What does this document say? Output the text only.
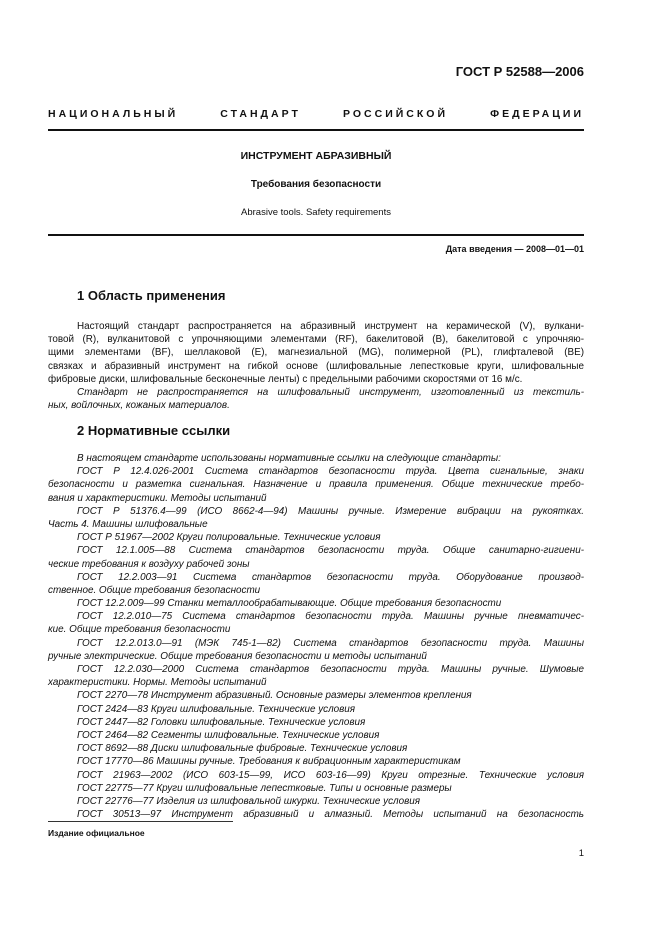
ГОСТ Р 52588—2006
НАЦИОНАЛЬНЫЙ СТАНДАРТ РОССИЙСКОЙ ФЕДЕРАЦИИ
ИНСТРУМЕНТ АБРАЗИВНЫЙ
Требования безопасности
Abrasive tools. Safety requirements
Дата введения — 2008—01—01
1 Область применения
Настоящий стандарт распространяется на абразивный инструмент на керамической (V), вулкани-
товой (R), вулканитовой с упрочняющими элементами (RF), бакелитовой (B), бакелитовой с упрочняю-
щими элементами (BF), шеллаковой (E), магнезиальной (MG), полимерной (PL), глифталевой (BE)
связках и абразивный инструмент на гибкой основе (шлифовальные лепестковые круги, шлифовальные
фибровые диски, шлифовальные бесконечные ленты) с предельными рабочими скоростями от 16 м/с.
Стандарт не распространяется на шлифовальный инструмент, изготовленный из текстиль-
ных, войлочных, кожаных материалов.
2 Нормативные ссылки
В настоящем стандарте использованы нормативные ссылки на следующие стандарты:
ГОСТ Р 12.4.026-2001 Система стандартов безопасности труда. Цвета сигнальные, знаки
безопасности и разметка сигнальная. Назначение и правила применения. Общие технические требо-
вания и характеристики. Методы испытаний
ГОСТ Р 51376.4—99 (ИСО 8662-4—94) Машины ручные. Измерение вибрации на рукоятках.
Часть 4. Машины шлифовальные
ГОСТ Р 51967—2002 Круги полировальные. Технические условия
ГОСТ 12.1.005—88 Система стандартов безопасности труда. Общие санитарно-гигиени-
ческие требования к воздуху рабочей зоны
ГОСТ 12.2.003—91 Система стандартов безопасности труда. Оборудование производ-
ственное. Общие требования безопасности
ГОСТ 12.2.009—99 Станки металлообрабатывающие. Общие требования безопасности
ГОСТ 12.2.010—75 Система стандартов безопасности труда. Машины ручные пневматичес-
кие. Общие требования безопасности
ГОСТ 12.2.013.0—91 (МЭК 745-1—82) Система стандартов безопасности труда. Машины
ручные электрические. Общие требования безопасности и методы испытаний
ГОСТ 12.2.030—2000 Система стандартов безопасности труда. Машины ручные. Шумовые
характеристики. Нормы. Методы испытаний
ГОСТ 2270—78 Инструмент абразивный. Основные размеры элементов крепления
ГОСТ 2424—83 Круги шлифовальные. Технические условия
ГОСТ 2447—82 Головки шлифовальные. Технические условия
ГОСТ 2464—82 Сегменты шлифовальные. Технические условия
ГОСТ 8692—88 Диски шлифовальные фибровые. Технические условия
ГОСТ 17770—86 Машины ручные. Требования к вибрационным характеристикам
ГОСТ 21963—2002 (ИСО 603-15—99, ИСО 603-16—99) Круги отрезные. Технические условия
ГОСТ 22775—77 Круги шлифовальные лепестковые. Типы и основные размеры
ГОСТ 22776—77 Изделия из шлифовальной шкурки. Технические условия
ГОСТ 30513—97 Инструмент абразивный и алмазный. Методы испытаний на безопасность
Издание официальное
1
